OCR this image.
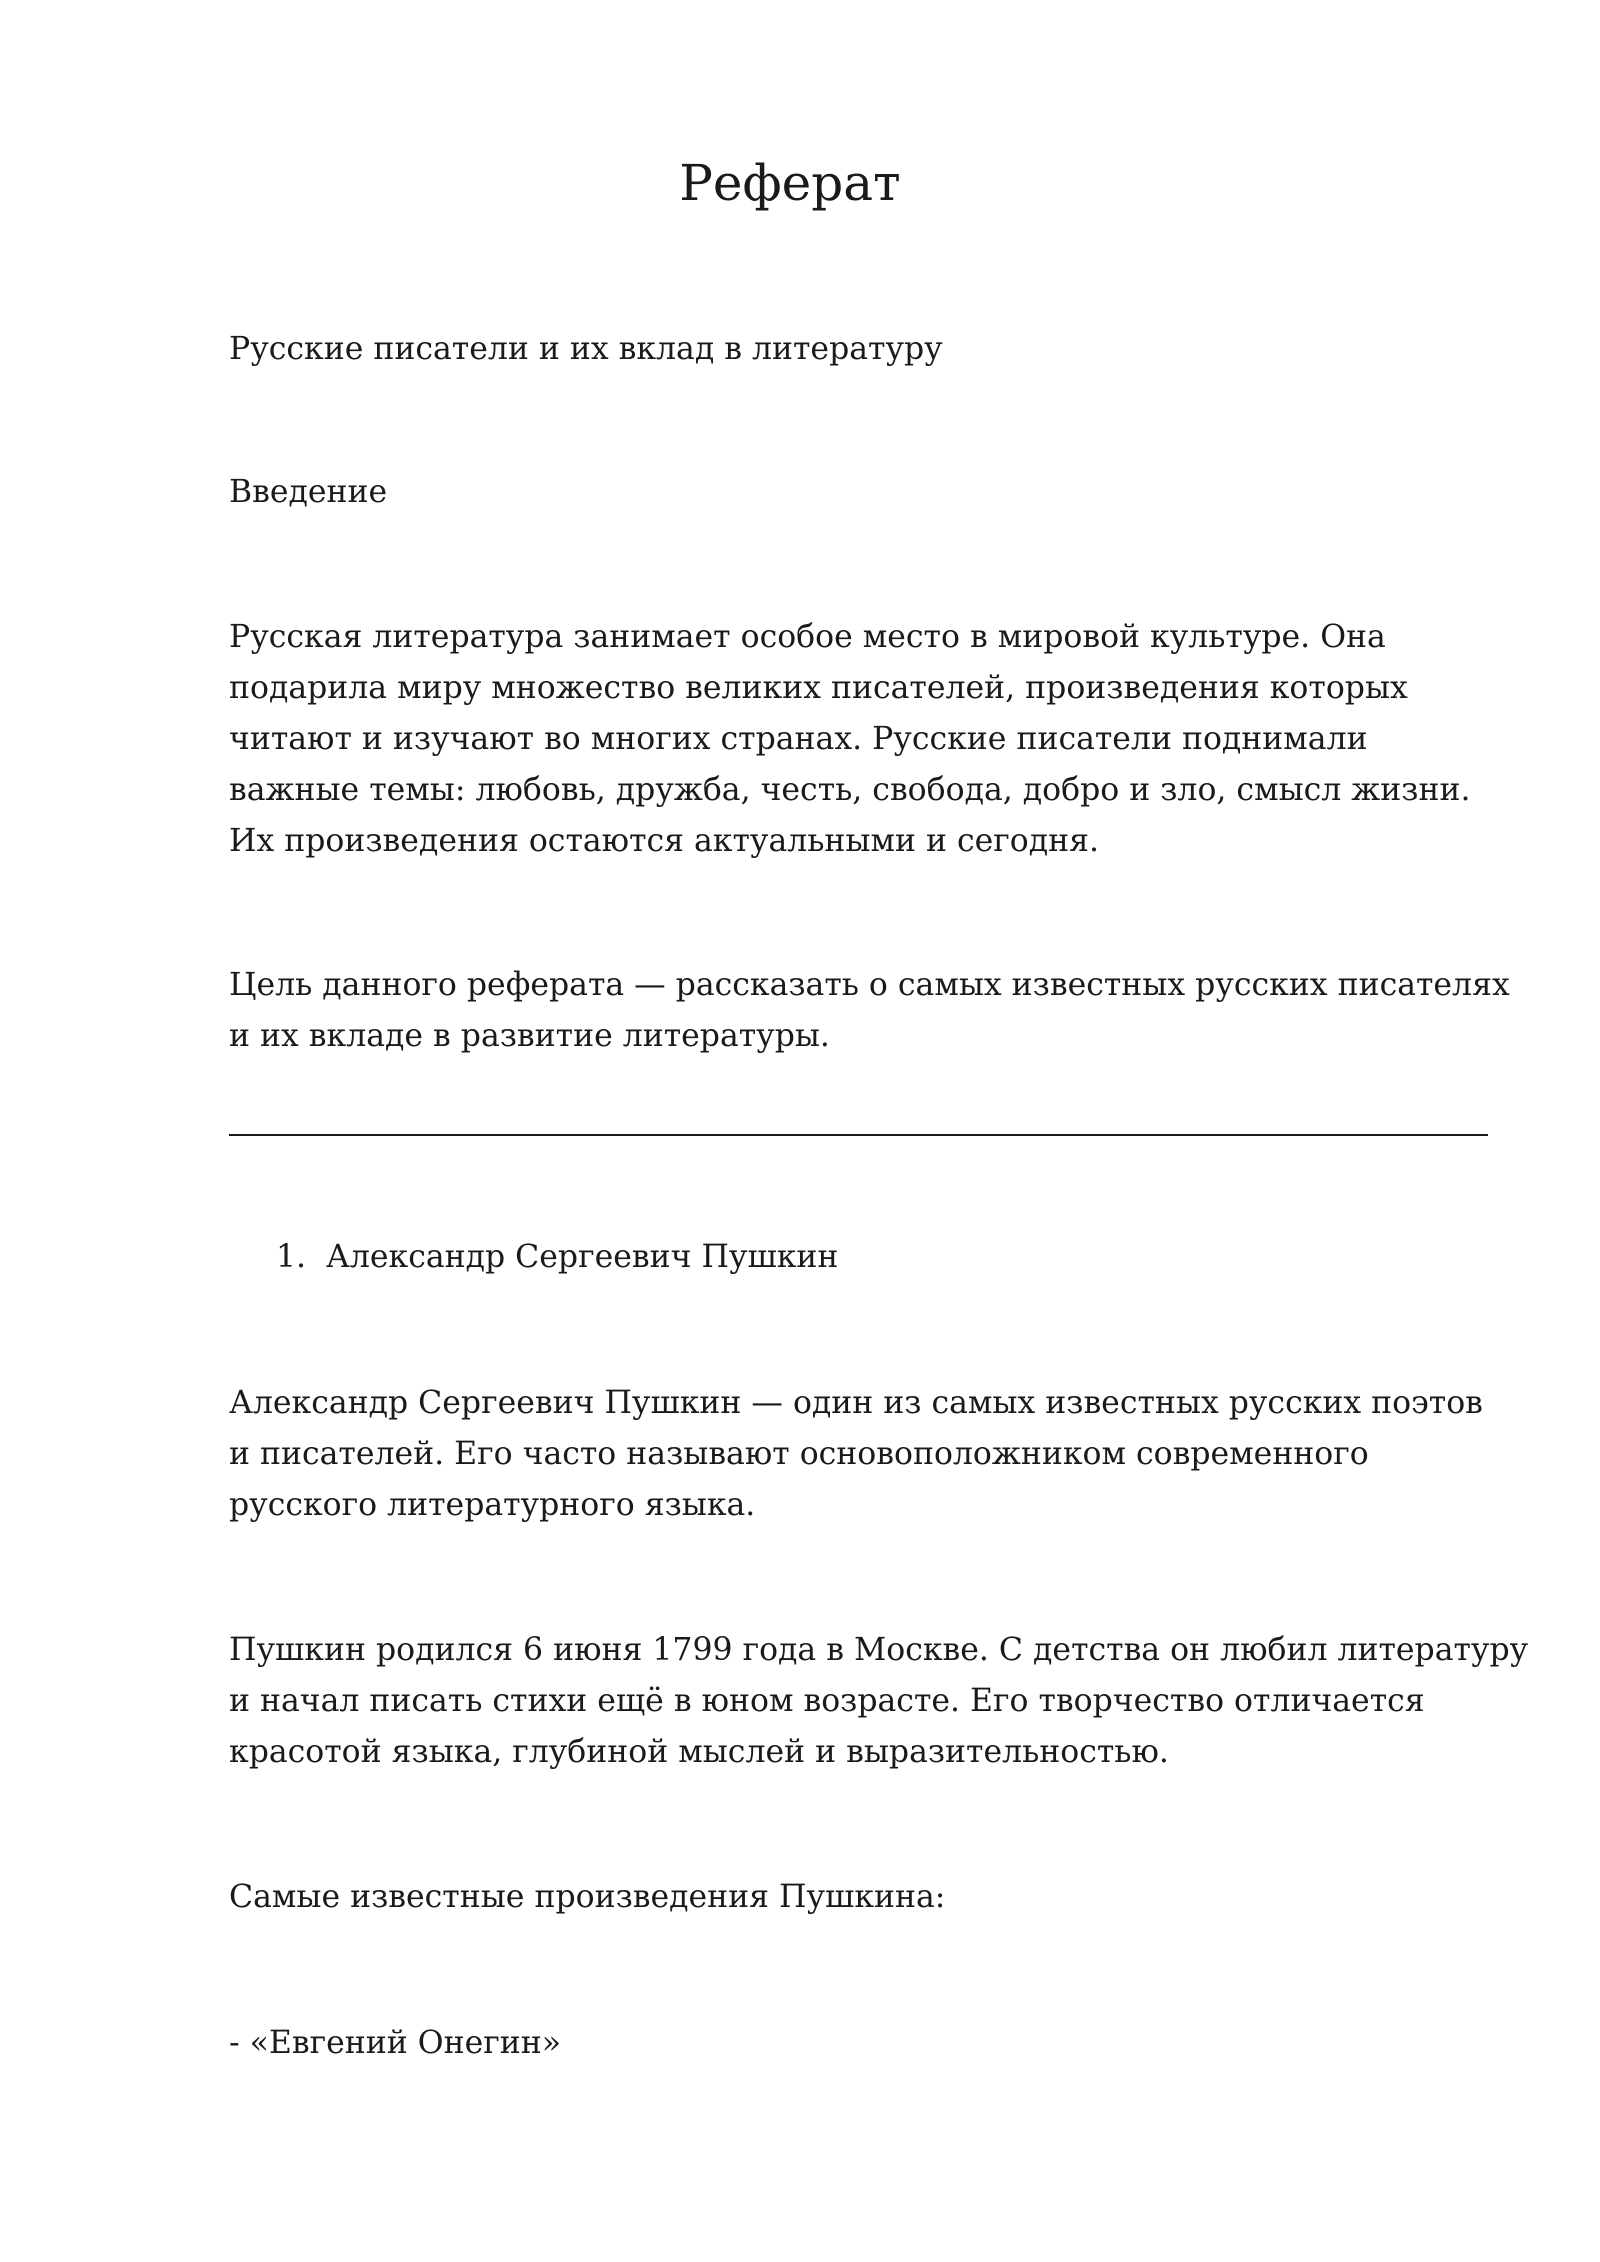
Реферат

Русские писатели и их вклад в литературу

Введение

Русская литература занимает особое место в мировой культуре. Она
подарила миру множество великих писателей, произведения которых
читают и изучают во многих странах. Русские писатели поднимали
важные темы: любовь, дружба, честь, свобода, добро и зло, смысл жизни.
Их произведения остаются актуальными и сегодня.

Цель данного реферата — рассказать о самых известных русских писателях
и их вкладе в развитие литературы.

1. Александр Сергеевич Пушкин

Александр Сергеевич Пушкин — один из самых известных русских поэтов
и писателей. Его часто называют основоположником современного
русского литературного языка.

Пушкин родился 6 июня 1799 года в Москве. С детства он любил литературу
и начал писать стихи ещё в юном возрасте. Его творчество отличается
красотой языка, глубиной мыслей и выразительностью.

Самые известные произведения Пушкина:

- «Евгений Онегин»
